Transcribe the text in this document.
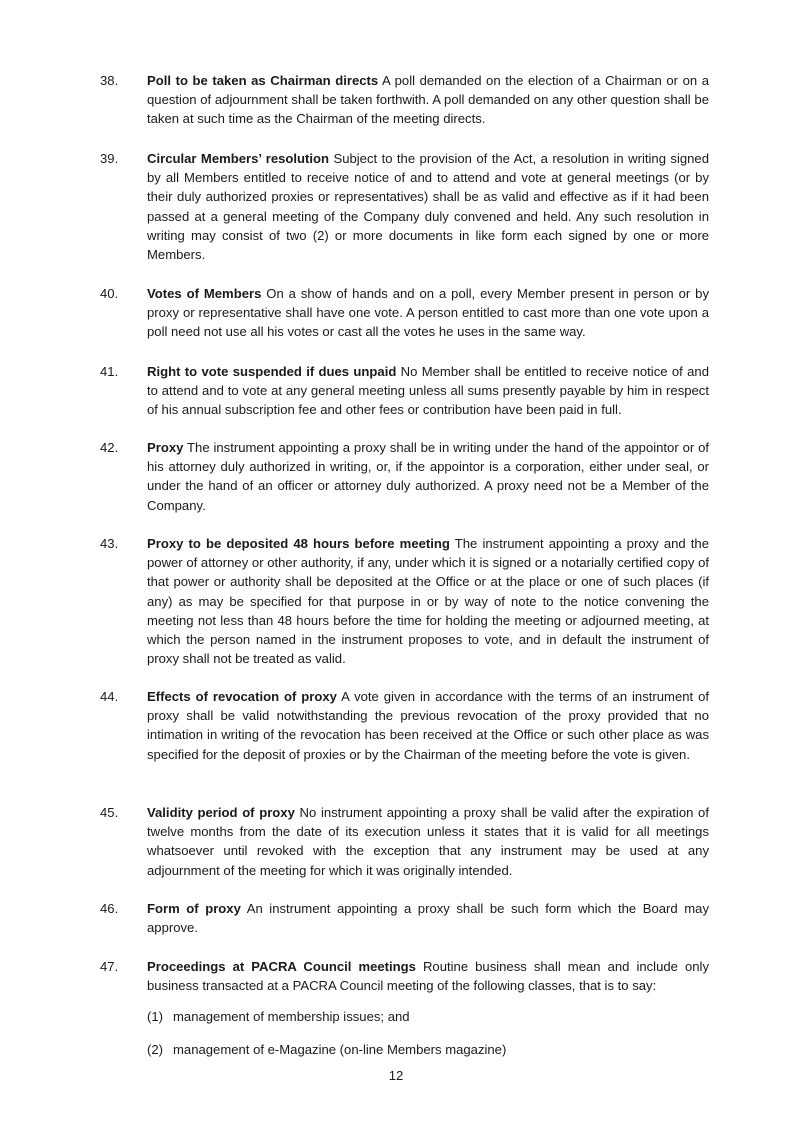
38.	Poll to be taken as Chairman directs A poll demanded on the election of a Chairman or on a question of adjournment shall be taken forthwith. A poll demanded on any other question shall be taken at such time as the Chairman of the meeting directs.
39.	Circular Members’ resolution Subject to the provision of the Act, a resolution in writing signed by all Members entitled to receive notice of and to attend and vote at general meetings (or by their duly authorized proxies or representatives) shall be as valid and effective as if it had been passed at a general meeting of the Company duly convened and held. Any such resolution in writing may consist of two (2) or more documents in like form each signed by one or more Members.
40.	Votes of Members On a show of hands and on a poll, every Member present in person or by proxy or representative shall have one vote. A person entitled to cast more than one vote upon a poll need not use all his votes or cast all the votes he uses in the same way.
41.	Right to vote suspended if dues unpaid No Member shall be entitled to receive notice of and to attend and to vote at any general meeting unless all sums presently payable by him in respect of his annual subscription fee and other fees or contribution have been paid in full.
42.	Proxy The instrument appointing a proxy shall be in writing under the hand of the appointor or of his attorney duly authorized in writing, or, if the appointor is a corporation, either under seal, or under the hand of an officer or attorney duly authorized. A proxy need not be a Member of the Company.
43.	Proxy to be deposited 48 hours before meeting The instrument appointing a proxy and the power of attorney or other authority, if any, under which it is signed or a notarially certified copy of that power or authority shall be deposited at the Office or at the place or one of such places (if any) as may be specified for that purpose in or by way of note to the notice convening the meeting not less than 48 hours before the time for holding the meeting or adjourned meeting, at which the person named in the instrument proposes to vote, and in default the instrument of proxy shall not be treated as valid.
44.	Effects of revocation of proxy A vote given in accordance with the terms of an instrument of proxy shall be valid notwithstanding the previous revocation of the proxy provided that no intimation in writing of the revocation has been received at the Office or such other place as was specified for the deposit of proxies or by the Chairman of the meeting before the vote is given.
45.	Validity period of proxy No instrument appointing a proxy shall be valid after the expiration of twelve months from the date of its execution unless it states that it is valid for all meetings whatsoever until revoked with the exception that any instrument may be used at any adjournment of the meeting for which it was originally intended.
46.	Form of proxy An instrument appointing a proxy shall be such form which the Board may approve.
47.	Proceedings at PACRA Council meetings Routine business shall mean and include only business transacted at a PACRA Council meeting of the following classes, that is to say:
(1) management of membership issues; and
(2) management of e-Magazine (on-line Members magazine)
12
